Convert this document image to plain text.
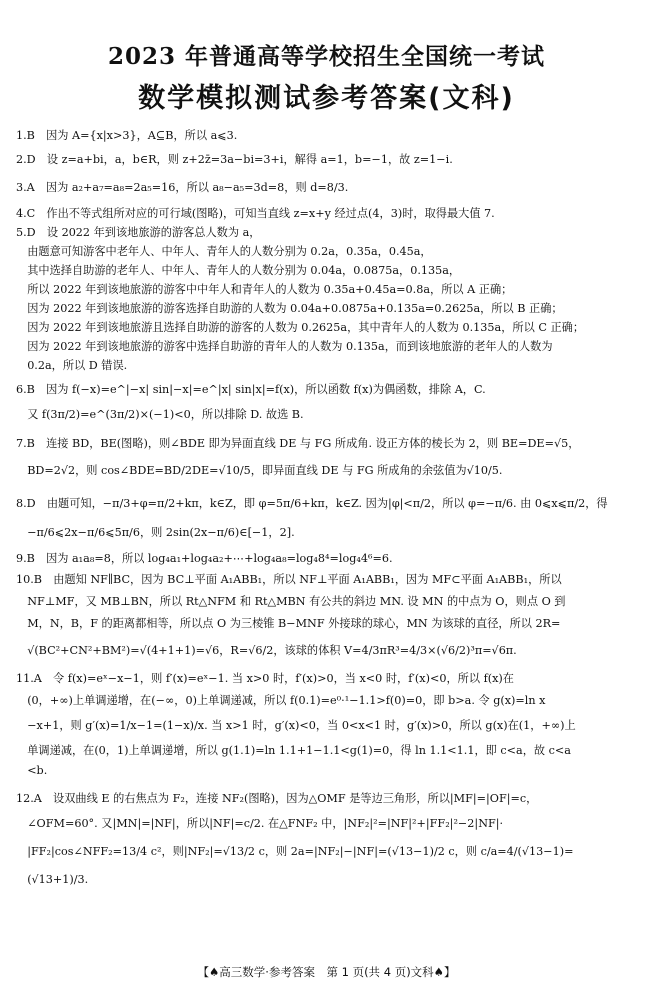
2023 年普通高等学校招生全国统一考试
数学模拟测试参考答案(文科)
1.B　因为 A={x|x>3}，A⊆B，所以 a⩽3.
2.D　设 z=a+bi，a，b∈R，则 z+2z̄=3a−bi=3+i，解得 a=1，b=−1，故 z=1−i.
3.A　因为 a₂+a₇=a₈=2a₅=16，所以 a₈−a₅=3d=8，则 d=8/3.
4.C　作出不等式组所对应的可行域(图略)，可知当直线 z=x+y 经过点(4，3)时，取得最大值 7.
5.D　设 2022 年到该地旅游的游客总人数为 a，
　由题意可知游客中老年人、中年人、青年人的人数分别为 0.2a，0.35a，0.45a，
　其中选择自助游的老年人、中年人、青年人的人数分别为 0.04a，0.0875a，0.135a，
　所以 2022 年到该地旅游的游客中中年人和青年人的人数为 0.35a+0.45a=0.8a，所以 A 正确；
　因为 2022 年到该地旅游的游客选择自助游的人数为 0.04a+0.0875a+0.135a=0.2625a，所以 B 正确；
　因为 2022 年到该地旅游且选择自助游的游客的人数为 0.2625a，其中青年人的人数为 0.135a，所以 C 正确；
　因为 2022 年到该地旅游的游客中选择自助游的青年人的人数为 0.135a，而到该地旅游的老年人的人数为
　0.2a，所以 D 错误.
6.B　因为 f(−x)=e^|−x| sin|−x|=e^|x| sin|x|=f(x)，所以函数 f(x)为偶函数，排除 A，C.
　又 f(3π/2)=e^(3π/2)×(−1)<0，所以排除 D. 故选 B.
7.B　连接 BD，BE(图略)，则∠BDE 即为异面直线 DE 与 FG 所成角. 设正方体的棱长为 2，则 BE=DE=√5，
　BD=2√2，则 cos∠BDE=BD/2DE=√10/5，即异面直线 DE 与 FG 所成角的余弦值为√10/5.
8.D　由题可知，−π/3+φ=π/2+kπ，k∈Z，即 φ=5π/6+kπ，k∈Z. 因为|φ|<π/2，所以 φ=−π/6. 由 0⩽x⩽π/2，得
　−π/6⩽2x−π/6⩽5π/6，则 2sin(2x−π/6)∈[−1，2].
9.B　因为 a₁a₈=8，所以 log₄a₁+log₄a₂+⋯+log₄a₈=log₄8⁴=log₄4⁶=6.
10.B　由题知 NF∥BC，因为 BC⊥平面 A₁ABB₁，所以 NF⊥平面 A₁ABB₁，因为 MF⊂平面 A₁ABB₁，所以
　NF⊥MF，又 MB⊥BN，所以 Rt△NFM 和 Rt△MBN 有公共的斜边 MN. 设 MN 的中点为 O，则点 O 到
　M，N，B，F 的距离都相等，所以点 O 为三棱锥 B−MNF 外接球的球心，MN 为该球的直径，所以 2R=
　√(BC²+CN²+BM²)=√(4+1+1)=√6，R=√6/2，该球的体积 V=4/3πR³=4/3×(√6/2)³π=√6π.
11.A　令 f(x)=eˣ−x−1，则 f′(x)=eˣ−1. 当 x>0 时，f′(x)>0，当 x<0 时，f′(x)<0，所以 f(x)在
　(0，+∞)上单调递增，在(−∞，0)上单调递减，所以 f(0.1)=e⁰·¹−1.1>f(0)=0，即 b>a. 令 g(x)=ln x
　−x+1，则 g′(x)=1/x−1=(1−x)/x. 当 x>1 时，g′(x)<0，当 0<x<1 时，g′(x)>0，所以 g(x)在(1，+∞)上
　单调递减，在(0，1)上单调递增，所以 g(1.1)=ln 1.1+1−1.1<g(1)=0，得 ln 1.1<1.1，即 c<a，故 c<a
　<b.
12.A　设双曲线 E 的右焦点为 F₂，连接 NF₂(图略)，因为△OMF 是等边三角形，所以|MF|=|OF|=c，
　∠OFM=60°. 又|MN|=|NF|，所以|NF|=c/2. 在△FNF₂ 中，|NF₂|²=|NF|²+|FF₂|²−2|NF|·
　|FF₂|cos∠NFF₂=13/4 c²，则|NF₂|=√13/2 c，则 2a=|NF₂|−|NF|=(√13−1)/2 c，则 c/a=4/(√13−1)=
　(√13+1)/3.
【♠高三数学·参考答案　第 1 页(共 4 页)文科♠】
